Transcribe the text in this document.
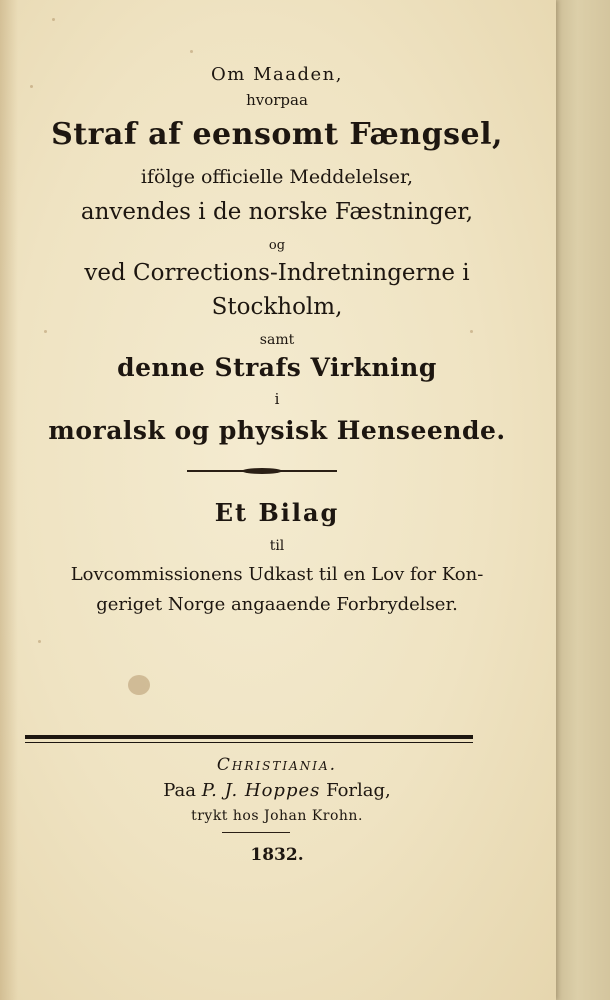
Om Maaden,
hvorpaa
Straf af eensomt Fængsel,
ifölge officielle Meddelelser,
anvendes i de norske Fæstninger,
og
ved Corrections-Indretningerne i
Stockholm,
samt
denne Strafs Virkning
i
moralsk og physisk Henseende.
Et Bilag
til
Lovcommissionens Udkast til en Lov for Kon-
geriget Norge angaaende Forbrydelser.
Christiania.
Paa P. J. Hoppes Forlag,
trykt hos Johan Krohn.
1832.
